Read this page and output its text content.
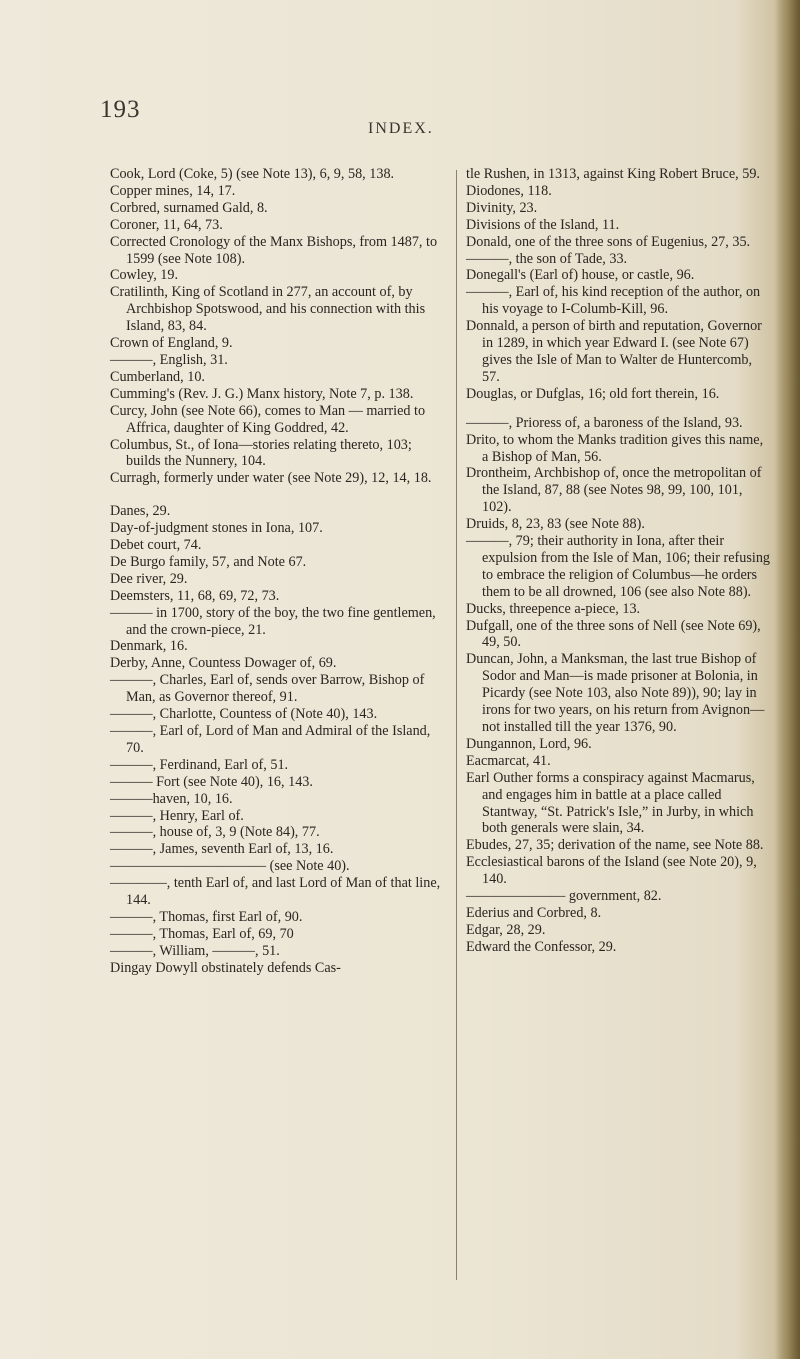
193
INDEX.

Cook, Lord (Coke, 5) (see Note 13), 6, 9, 58, 138.

Copper mines, 14, 17.

Corbred, surnamed Gald, 8.

Coroner, 11, 64, 73.

Corrected Cronology of the Manx Bishops, from 1487, to 1599 (see Note 108).

Cowley, 19.

Cratilinth, King of Scotland in 277, an account of, by Archbishop Spotswood, and his connection with this Island, 83, 84.

Crown of England, 9.

———, English, 31.

Cumberland, 10.

Cumming's (Rev. J. G.) Manx history, Note 7, p. 138.

Curcy, John (see Note 66), comes to Man — married to Affrica, daughter of King Goddred, 42.

Columbus, St., of Iona—stories relating thereto, 103; builds the Nunnery, 104.

Curragh, formerly under water (see Note 29), 12, 14, 18.

Danes, 29.

Day-of-judgment stones in Iona, 107.

Debet court, 74.

De Burgo family, 57, and Note 67.

Dee river, 29.

Deemsters, 11, 68, 69, 72, 73.

——— in 1700, story of the boy, the two fine gentlemen, and the crown-piece, 21.

Denmark, 16.

Derby, Anne, Countess Dowager of, 69.

———, Charles, Earl of, sends over Barrow, Bishop of Man, as Governor thereof, 91.

———, Charlotte, Countess of (Note 40), 143.

———, Earl of, Lord of Man and Admiral of the Island, 70.

———, Ferdinand, Earl of, 51.

——— Fort (see Note 40), 16, 143.

———haven, 10, 16.

———, Henry, Earl of.

———, house of, 3, 9 (Note 84), 77.

———, James, seventh Earl of, 13, 16.

——————————— (see Note 40).

————, tenth Earl of, and last Lord of Man of that line, 144.

———, Thomas, first Earl of, 90.

———, Thomas, Earl of, 69, 70

———, William, ———, 51.

Dingay Dowyll obstinately defends Cas-

tle Rushen, in 1313, against King Robert Bruce, 59.

Diodones, 118.

Divinity, 23.

Divisions of the Island, 11.

Donald, one of the three sons of Eugenius, 27, 35.

———, the son of Tade, 33.

Donegall's (Earl of) house, or castle, 96.

———, Earl of, his kind reception of the author, on his voyage to I-Columb-Kill, 96.

Donnald, a person of birth and reputation, Governor in 1289, in which year Edward I. (see Note 67) gives the Isle of Man to Walter de Huntercomb, 57.

Douglas, or Dufglas, 16; old fort therein, 16.

———, Prioress of, a baroness of the Island, 93.

Drito, to whom the Manks tradition gives this name, a Bishop of Man, 56.

Drontheim, Archbishop of, once the metropolitan of the Island, 87, 88 (see Notes 98, 99, 100, 101, 102).

Druids, 8, 23, 83 (see Note 88).

———, 79; their authority in Iona, after their expulsion from the Isle of Man, 106; their refusing to embrace the religion of Columbus—he orders them to be all drowned, 106 (see also Note 88).

Ducks, threepence a-piece, 13.

Dufgall, one of the three sons of Nell (see Note 69), 49, 50.

Duncan, John, a Manksman, the last true Bishop of Sodor and Man—is made prisoner at Bolonia, in Picardy (see Note 103, also Note 89)), 90; lay in irons for two years, on his return from Avignon—not installed till the year 1376, 90.

Dungannon, Lord, 96.

Eacmarcat, 41.

Earl Outher forms a conspiracy against Macmarus, and engages him in battle at a place called Stantway, “St. Patrick's Isle,” in Jurby, in which both generals were slain, 34.

Ebudes, 27, 35; derivation of the name, see Note 88.

Ecclesiastical barons of the Island (see Note 20), 9, 140.

——————— government, 82.

Ederius and Corbred, 8.

Edgar, 28, 29.

Edward the Confessor, 29.
